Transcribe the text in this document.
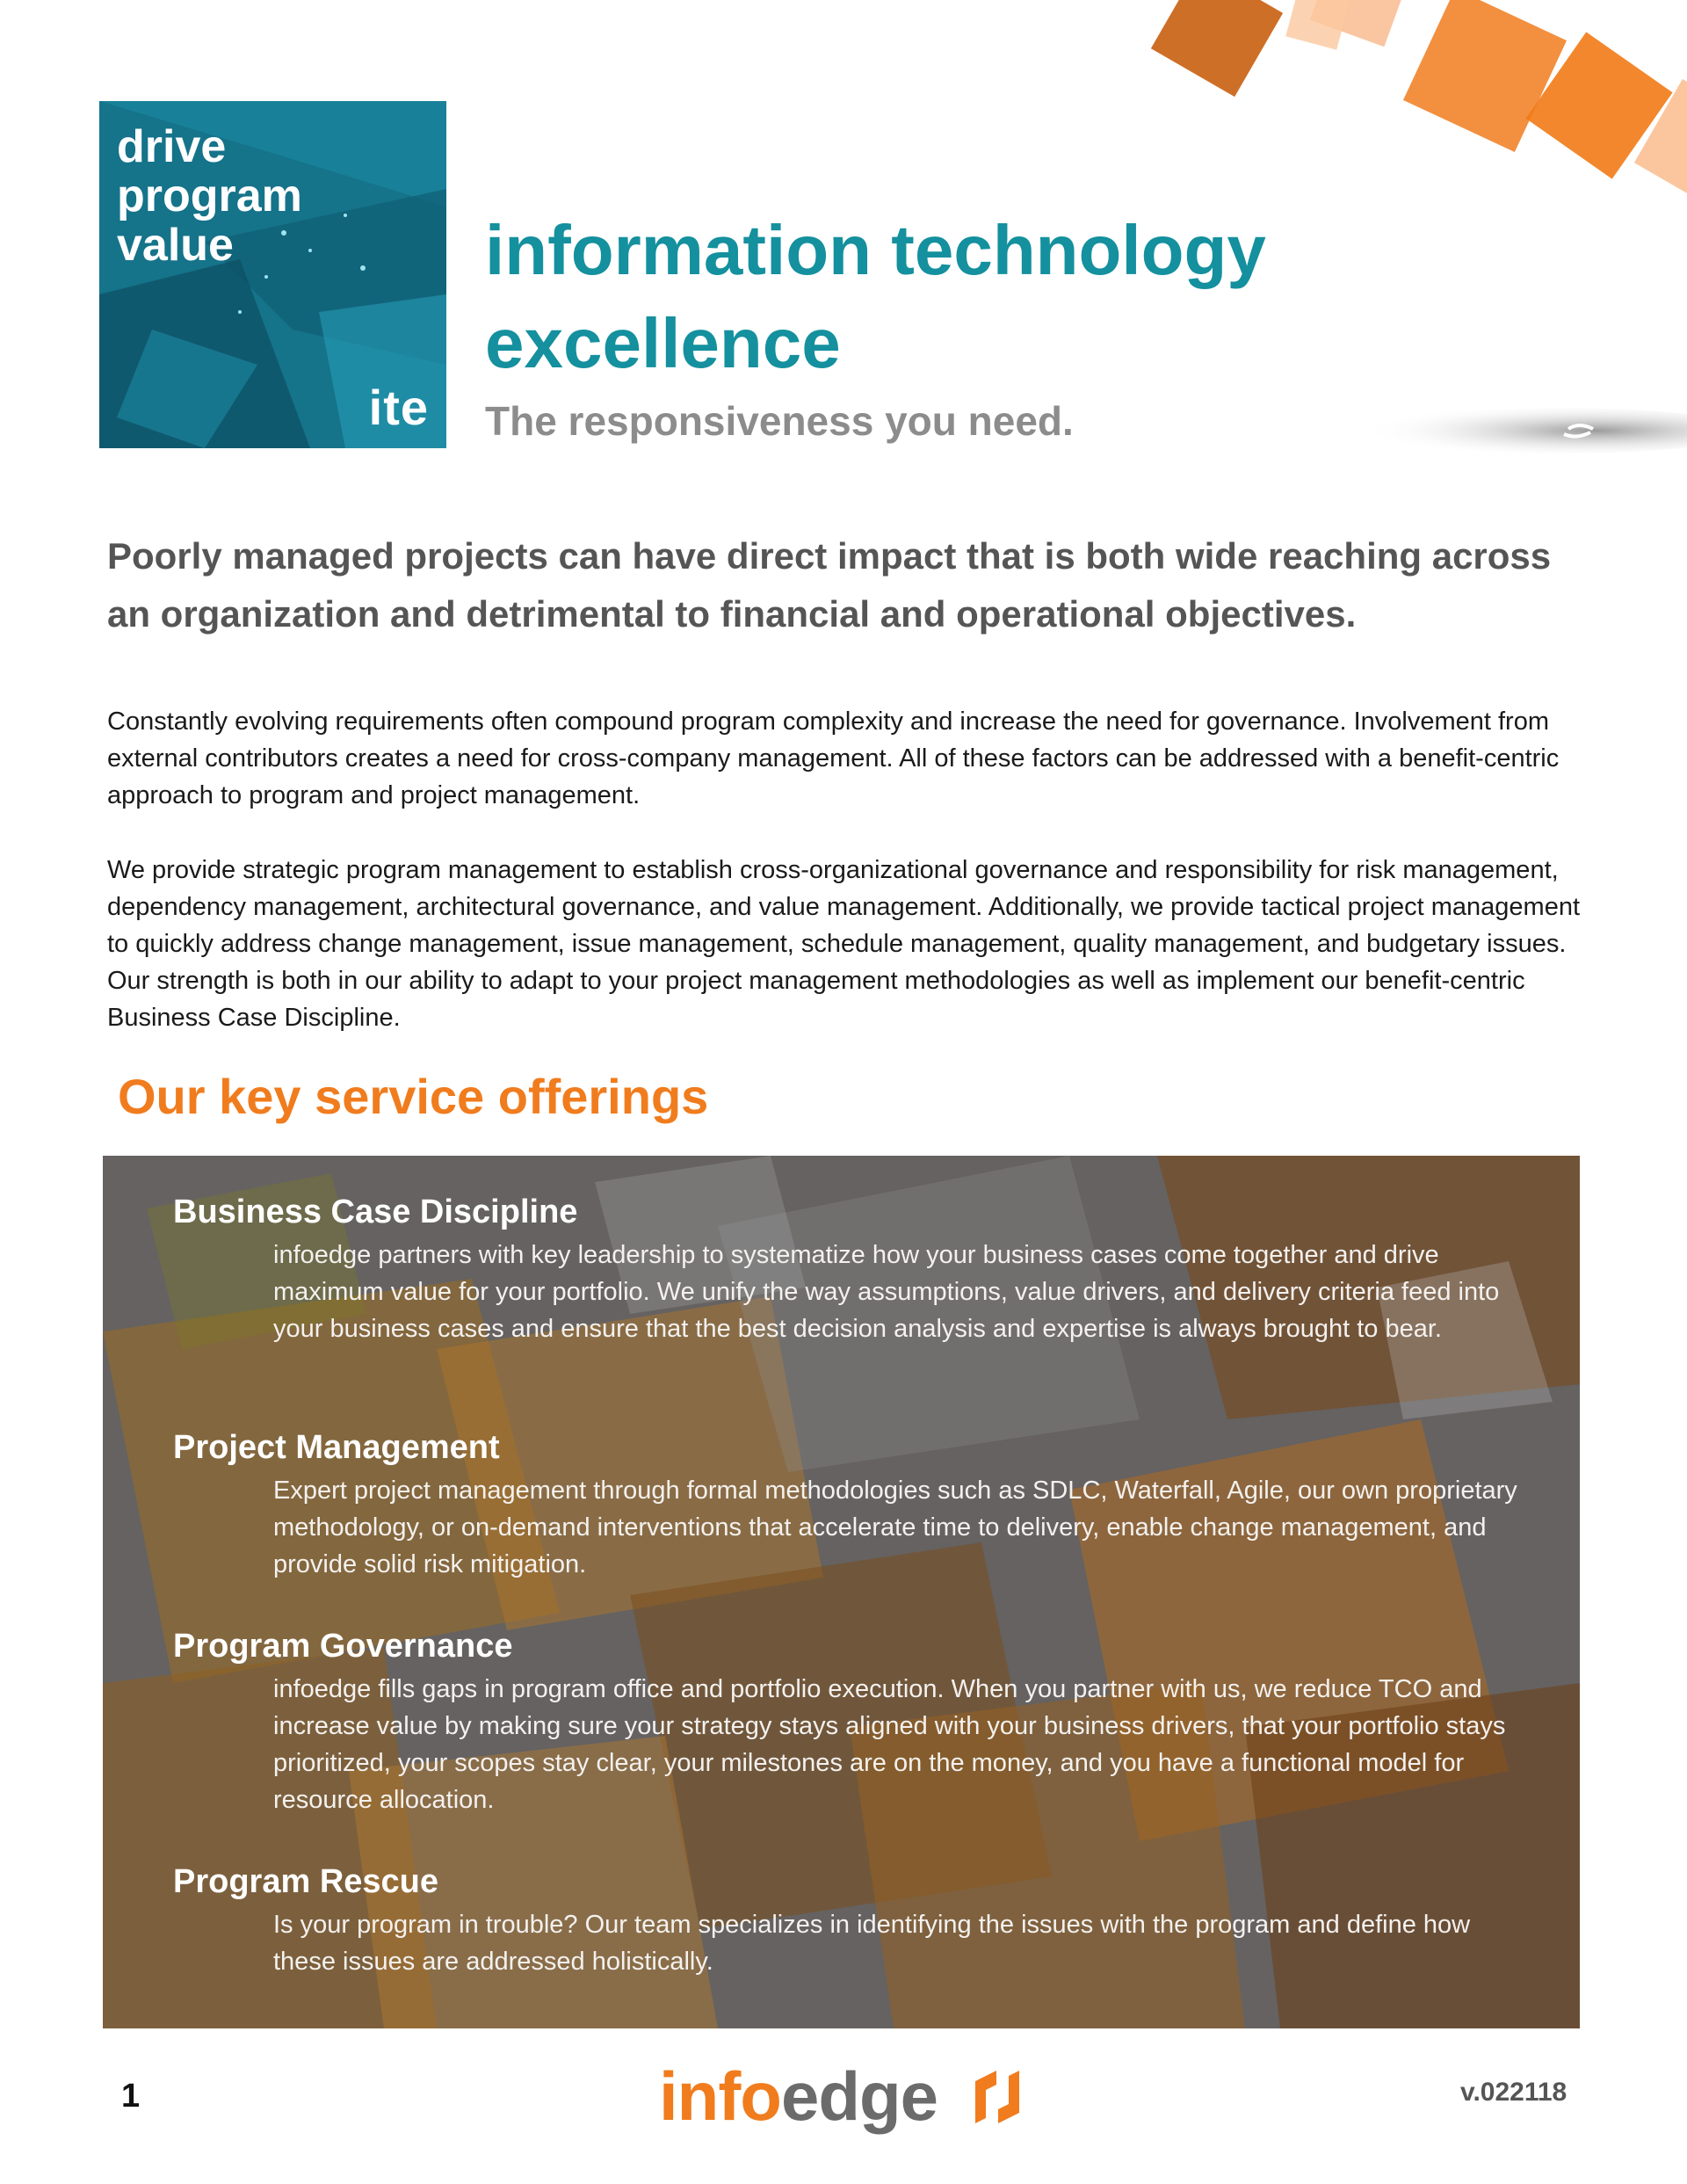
drive
program
value
ite
information technology excellence
The responsiveness you need.
Poorly managed projects can have direct impact that is both wide reaching across an organization and detrimental to financial and operational objectives.

Constantly evolving requirements often compound program complexity and increase the need for governance. Involvement from external contributors creates a need for cross-company management. All of these factors can be addressed with a benefit-centric approach to program and project management.

We provide strategic program management to establish cross-organizational governance and responsibility for risk management, dependency management, architectural governance, and value management. Additionally, we provide tactical project management to quickly address change management, issue management, schedule management, quality management, and budgetary issues. Our strength is both in our ability to adapt to your project management methodologies as well as implement our benefit-centric Business Case Discipline.

Our key service offerings
Business Case Discipline

infoedge partners with key leadership to systematize how your business cases come together and drive maximum value for your portfolio. We unify the way assumptions, value drivers, and delivery criteria feed into your business cases and ensure that the best decision analysis and expertise is always brought to bear.

Project Management

Expert project management through formal methodologies such as SDLC, Waterfall, Agile, our own proprietary methodology, or on-demand interventions that accelerate time to delivery, enable change management, and provide solid risk mitigation.

Program Governance

infoedge fills gaps in program office and portfolio execution. When you partner with us, we reduce TCO and increase value by making sure your strategy stays aligned with your business drivers, that your portfolio stays prioritized, your scopes stay clear, your milestones are on the money, and you have a functional model for resource allocation.

Program Rescue

Is your program in trouble? Our team specializes in identifying the issues with the program and define how these issues are addressed holistically.

1	infoedge	v.022118
